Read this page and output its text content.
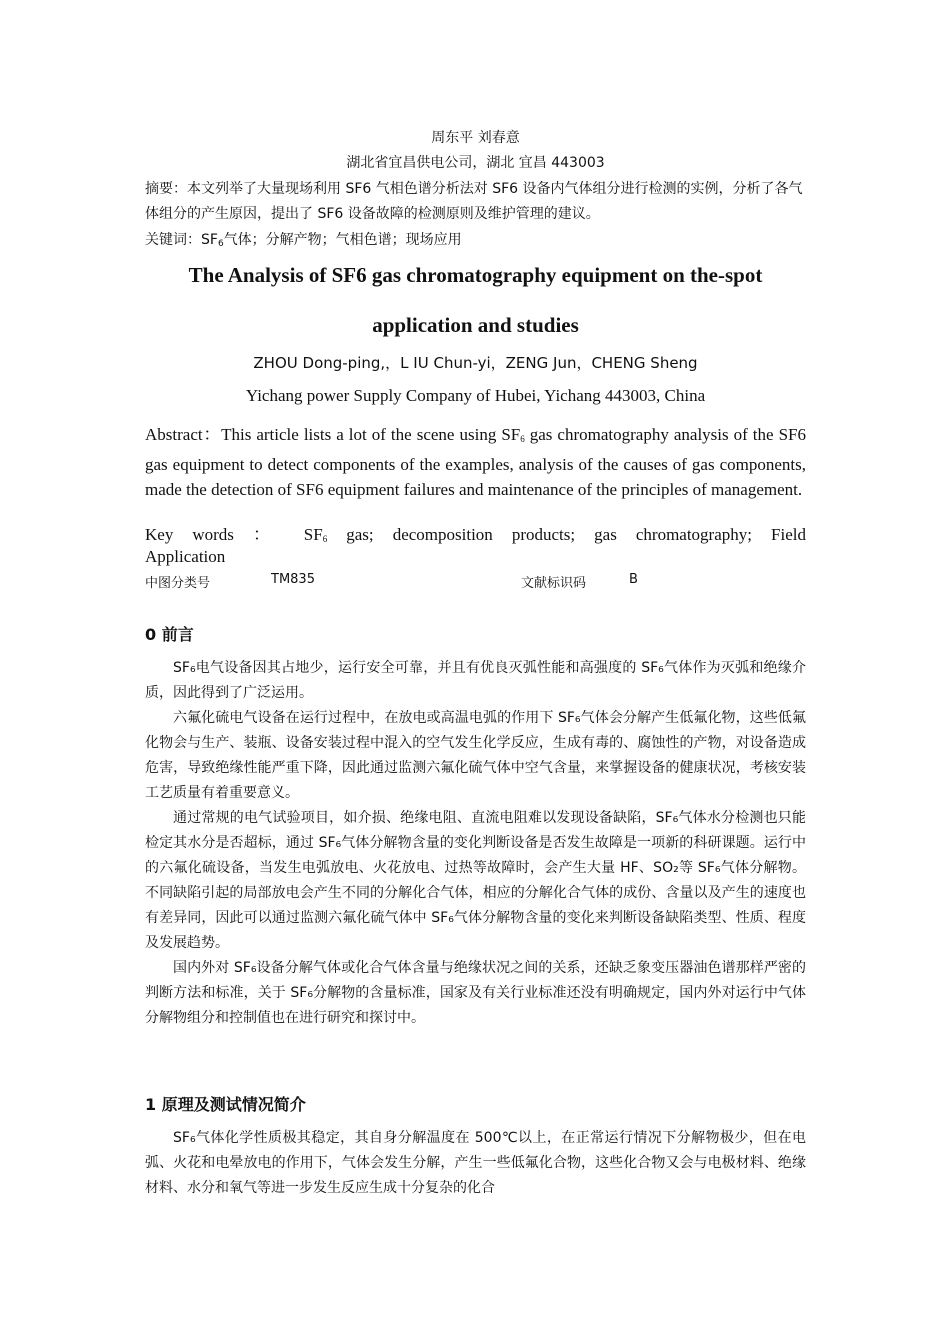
周东平 刘春意
湖北省宜昌供电公司，湖北 宜昌 443003
摘要：本文列举了大量现场利用 SF6 气相色谱分析法对 SF6 设备内气体组分进行检测的实例，分析了各气体组分的产生原因，提出了 SF6 设备故障的检测原则及维护管理的建议。
关键词：$SF_6$气体；分解产物；气相色谱；现场应用
The Analysis of SF6 gas chromatography equipment on the-spot
application and studies
ZHOU Dong-ping,，L IU Chun-yi，ZENG Jun，CHENG Sheng
Yichang power Supply Company of Hubei, Yichang 443003, China
Abstract：This article lists a lot of the scene using $SF_6$ gas chromatography analysis of the SF6 gas equipment to detect components of the examples, analysis of the causes of gas components, made the detection of SF6 equipment failures and maintenance of the principles of management.
Key words ： $SF_6$ gas; decomposition products; gas chromatography; Field
Application
中图分类号	TM835	文献标识码	B
0 前言

SF₆电气设备因其占地少，运行安全可靠，并且有优良灭弧性能和高强度的 SF₆气体作为灭弧和绝缘介质，因此得到了广泛运用。

六氟化硫电气设备在运行过程中，在放电或高温电弧的作用下 SF₆气体会分解产生低氟化物，这些低氟化物会与生产、装瓶、设备安装过程中混入的空气发生化学反应，生成有毒的、腐蚀性的产物，对设备造成危害，导致绝缘性能严重下降，因此通过监测六氟化硫气体中空气含量，来掌握设备的健康状况，考核安装工艺质量有着重要意义。

通过常规的电气试验项目，如介损、绝缘电阻、直流电阻难以发现设备缺陷，SF₆气体水分检测也只能检定其水分是否超标，通过 SF₆气体分解物含量的变化判断设备是否发生故障是一项新的科研课题。运行中的六氟化硫设备，当发生电弧放电、火花放电、过热等故障时，会产生大量 HF、SO₂等 SF₆气体分解物。不同缺陷引起的局部放电会产生不同的分解化合气体，相应的分解化合气体的成份、含量以及产生的速度也有差异同，因此可以通过监测六氟化硫气体中 SF₆气体分解物含量的变化来判断设备缺陷类型、性质、程度及发展趋势。

国内外对 SF₆设备分解气体或化合气体含量与绝缘状况之间的关系，还缺乏象变压器油色谱那样严密的判断方法和标准，关于 SF₆分解物的含量标准，国家及有关行业标准还没有明确规定，国内外对运行中气体分解物组分和控制值也在进行研究和探讨中。

1 原理及测试情况简介

SF₆气体化学性质极其稳定，其自身分解温度在 500℃以上，在正常运行情况下分解物极少，但在电弧、火花和电晕放电的作用下，气体会发生分解，产生一些低氟化合物，这些化合物又会与电极材料、绝缘材料、水分和氧气等进一步发生反应生成十分复杂的化合
